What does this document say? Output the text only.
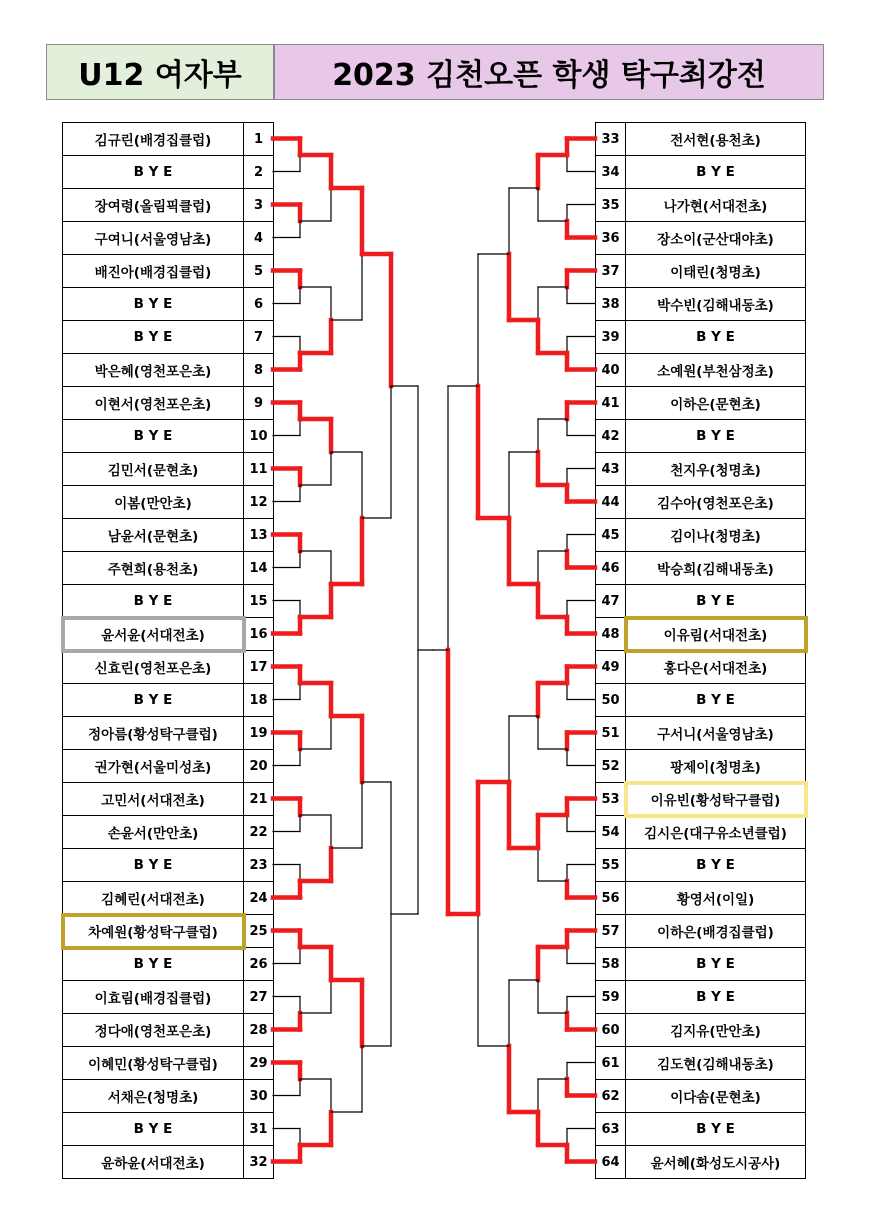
U12 여자부	2023 김천오픈 학생 탁구최강전
김규린(배경집클럽)	1
B Y E	2
장여령(올림픽클럽)	3
구여니(서울영남초)	4
배진아(배경집클럽)	5
B Y E	6
B Y E	7
박은혜(영천포은초)	8
이현서(영천포은초)	9
B Y E	10
김민서(문현초)	11
이봄(만안초)	12
남윤서(문현초)	13
주현희(용천초)	14
B Y E	15
윤서윤(서대전초)	16
신효린(영천포은초)	17
B Y E	18
정아름(황성탁구클럽)	19
권가현(서울미성초)	20
고민서(서대전초)	21
손윤서(만안초)	22
B Y E	23
김혜린(서대전초)	24
차예원(황성탁구클럽)	25
B Y E	26
이효림(배경집클럽)	27
정다애(영천포은초)	28
이혜민(황성탁구클럽)	29
서채은(청명초)	30
B Y E	31
윤하윤(서대전초)	32
33	전서현(용천초)
34	B Y E
35	나가현(서대전초)
36	장소이(군산대야초)
37	이태린(청명초)
38	박수빈(김해내동초)
39	B Y E
40	소예원(부천삼정초)
41	이하은(문현초)
42	B Y E
43	천지우(청명초)
44	김수아(영천포은초)
45	김이나(청명초)
46	박승희(김해내동초)
47	B Y E
48	이유림(서대전초)
49	홍다은(서대전초)
50	B Y E
51	구서니(서울영남초)
52	팡제이(청명초)
53	이유빈(황성탁구클럽)
54	김시은(대구유소년클럽)
55	B Y E
56	황영서(이일)
57	이하은(배경집클럽)
58	B Y E
59	B Y E
60	김지유(만안초)
61	김도현(김해내동초)
62	이다솜(문현초)
63	B Y E
64	윤서혜(화성도시공사)
